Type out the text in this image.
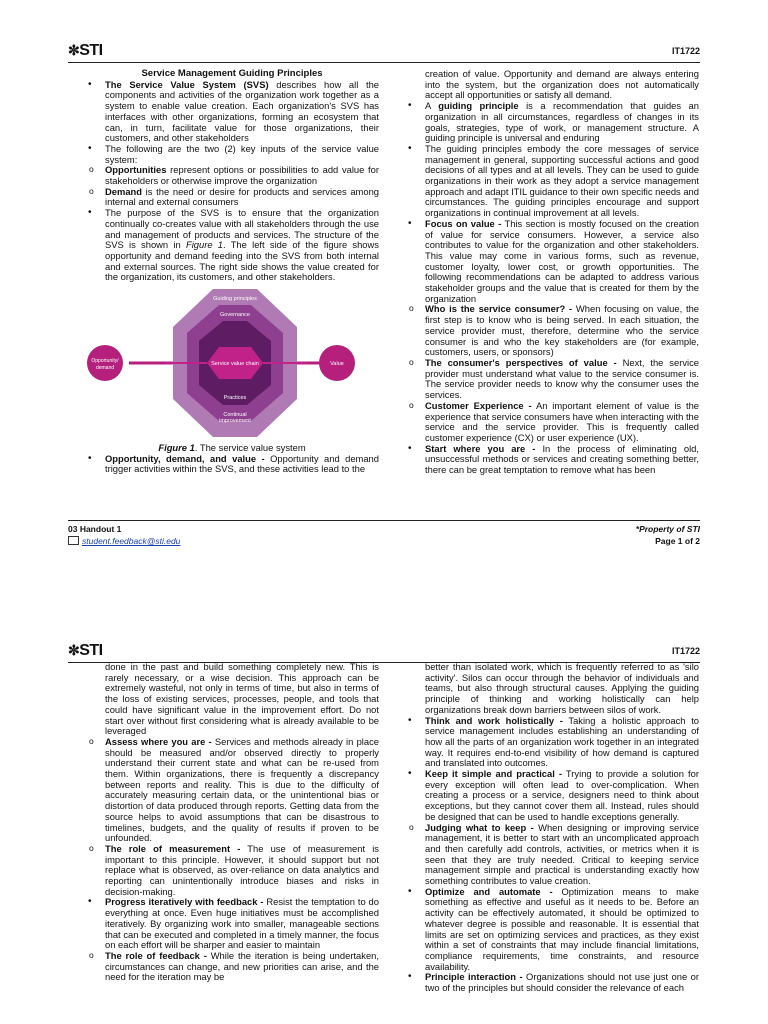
✼STI	IT1722

Service Management Guiding Principles

• The Service Value System (SVS) describes how all the components and activities of the organization work together as a system to enable value creation. Each organization's SVS has interfaces with other organizations, forming an ecosystem that can, in turn, facilitate value for those organizations, their customers, and other stakeholders

• The following are the two (2) key inputs of the service value system:

o Opportunities represent options or possibilities to add value for stakeholders or otherwise improve the organization

o Demand is the need or desire for products and services among internal and external consumers

• The purpose of the SVS is to ensure that the organization continually co-creates value with all stakeholders through the use and management of products and services. The structure of the SVS is shown in Figure 1. The left side of the figure shows opportunity and demand feeding into the SVS from both internal and external sources. The right side shows the value created for the organization, its customers, and other stakeholders.

Guiding principles
Governance
Service value chain
Practices
Continual
improvement
Opportunity/
demand
Value

Figure 1. The service value system

• Opportunity, demand, and value - Opportunity and demand trigger activities within the SVS, and these activities lead to the

creation of value. Opportunity and demand are always entering into the system, but the organization does not automatically accept all opportunities or satisfy all demand.

• A guiding principle is a recommendation that guides an organization in all circumstances, regardless of changes in its goals, strategies, type of work, or management structure. A guiding principle is universal and enduring

• The guiding principles embody the core messages of service management in general, supporting successful actions and good decisions of all types and at all levels. They can be used to guide organizations in their work as they adopt a service management approach and adapt ITIL guidance to their own specific needs and circumstances. The guiding principles encourage and support organizations in continual improvement at all levels.

• Focus on value - This section is mostly focused on the creation of value for service consumers. However, a service also contributes to value for the organization and other stakeholders. This value may come in various forms, such as revenue, customer loyalty, lower cost, or growth opportunities. The following recommendations can be adapted to address various stakeholder groups and the value that is created for them by the organization

o Who is the service consumer? - When focusing on value, the first step is to know who is being served. In each situation, the service provider must, therefore, determine who the service consumer is and who the key stakeholders are (for example, customers, users, or sponsors)

o The consumer's perspectives of value - Next, the service provider must understand what value to the service consumer is. The service provider needs to know why the consumer uses the services.

o Customer Experience - An important element of value is the experience that service consumers have when interacting with the service and the service provider. This is frequently called customer experience (CX) or user experience (UX).

• Start where you are - In the process of eliminating old, unsuccessful methods or services and creating something better, there can be great temptation to remove what has been

03 Handout 1
student.feedback@sti.edu
*Property of STI
Page 1 of 2
✼STI	IT1722

done in the past and build something completely new. This is rarely necessary, or a wise decision. This approach can be extremely wasteful, not only in terms of time, but also in terms of the loss of existing services, processes, people, and tools that could have significant value in the improvement effort. Do not start over without first considering what is already available to be leveraged

o Assess where you are - Services and methods already in place should be measured and/or observed directly to properly understand their current state and what can be re-used from them. Within organizations, there is frequently a discrepancy between reports and reality. This is due to the difficulty of accurately measuring certain data, or the unintentional bias or distortion of data produced through reports. Getting data from the source helps to avoid assumptions that can be disastrous to timelines, budgets, and the quality of results if proven to be unfounded.

o The role of measurement - The use of measurement is important to this principle. However, it should support but not replace what is observed, as over-reliance on data analytics and reporting can unintentionally introduce biases and risks in decision-making.

• Progress iteratively with feedback - Resist the temptation to do everything at once. Even huge initiatives must be accomplished iteratively. By organizing work into smaller, manageable sections that can be executed and completed in a timely manner, the focus on each effort will be sharper and easier to maintain

o The role of feedback - While the iteration is being undertaken, circumstances can change, and new priorities can arise, and the need for the iteration may be

better than isolated work, which is frequently referred to as 'silo activity'. Silos can occur through the behavior of individuals and teams, but also through structural causes. Applying the guiding principle of thinking and working holistically can help organizations break down barriers between silos of work.

• Think and work holistically - Taking a holistic approach to service management includes establishing an understanding of how all the parts of an organization work together in an integrated way. It requires end-to-end visibility of how demand is captured and translated into outcomes.

• Keep it simple and practical - Trying to provide a solution for every exception will often lead to over-complication. When creating a process or a service, designers need to think about exceptions, but they cannot cover them all. Instead, rules should be designed that can be used to handle exceptions generally.

o Judging what to keep - When designing or improving service management, it is better to start with an uncomplicated approach and then carefully add controls, activities, or metrics when it is seen that they are truly needed. Critical to keeping service management simple and practical is understanding exactly how something contributes to value creation.

• Optimize and automate - Optimization means to make something as effective and useful as it needs to be. Before an activity can be effectively automated, it should be optimized to whatever degree is possible and reasonable. It is essential that limits are set on optimizing services and practices, as they exist within a set of constraints that may include financial limitations, compliance requirements, time constraints, and resource availability.

• Principle interaction - Organizations should not use just one or two of the principles but should consider the relevance of each
